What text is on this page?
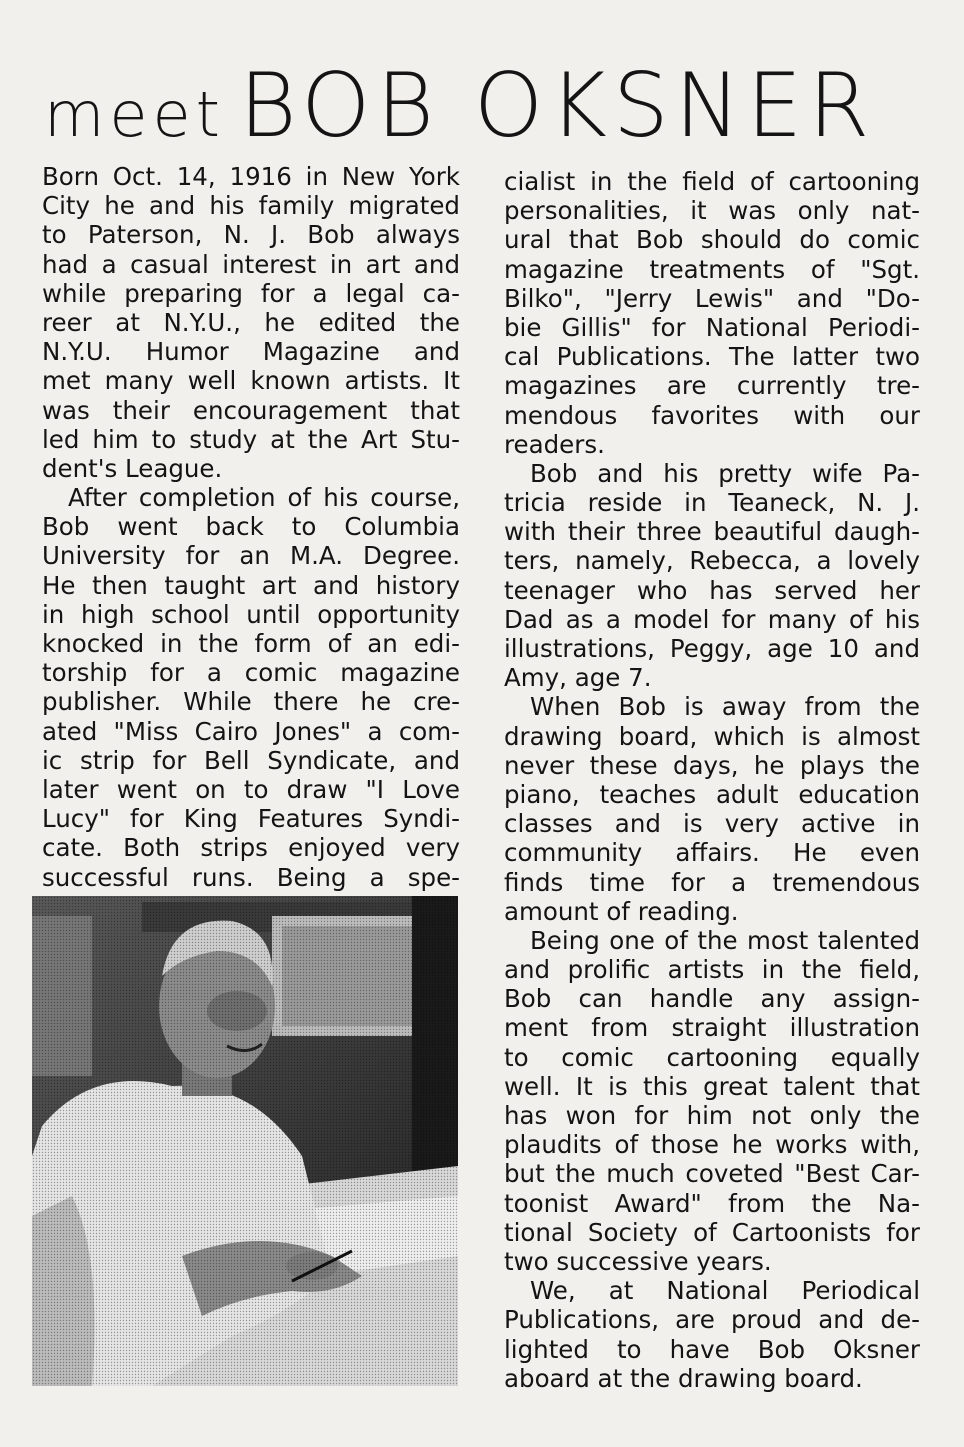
meet BOB OKSNER
Born Oct. 14, 1916 in New York
City he and his family migrated
to Paterson, N. J. Bob always
had a casual interest in art and
while preparing for a legal ca-
reer at N.Y.U., he edited the
N.Y.U. Humor Magazine and
met many well known artists. It
was their encouragement that
led him to study at the Art Stu-
dent's League.
After completion of his course,
Bob went back to Columbia
University for an M.A. Degree.
He then taught art and history
in high school until opportunity
knocked in the form of an edi-
torship for a comic magazine
publisher. While there he cre-
ated "Miss Cairo Jones" a com-
ic strip for Bell Syndicate, and
later went on to draw "I Love
Lucy" for King Features Syndi-
cate. Both strips enjoyed very
successful runs. Being a spe-
cialist in the field of cartooning
personalities, it was only nat-
ural that Bob should do comic
magazine treatments of "Sgt.
Bilko", "Jerry Lewis" and "Do-
bie Gillis" for National Periodi-
cal Publications. The latter two
magazines are currently tre-
mendous favorites with our
readers.
Bob and his pretty wife Pa-
tricia reside in Teaneck, N. J.
with their three beautiful daugh-
ters, namely, Rebecca, a lovely
teenager who has served her
Dad as a model for many of his
illustrations, Peggy, age 10 and
Amy, age 7.
When Bob is away from the
drawing board, which is almost
never these days, he plays the
piano, teaches adult education
classes and is very active in
community affairs. He even
finds time for a tremendous
amount of reading.
Being one of the most talented
and prolific artists in the field,
Bob can handle any assign-
ment from straight illustration
to comic cartooning equally
well. It is this great talent that
has won for him not only the
plaudits of those he works with,
but the much coveted "Best Car-
toonist Award" from the Na-
tional Society of Cartoonists for
two successive years.
We, at National Periodical
Publications, are proud and de-
lighted to have Bob Oksner
aboard at the drawing board.
